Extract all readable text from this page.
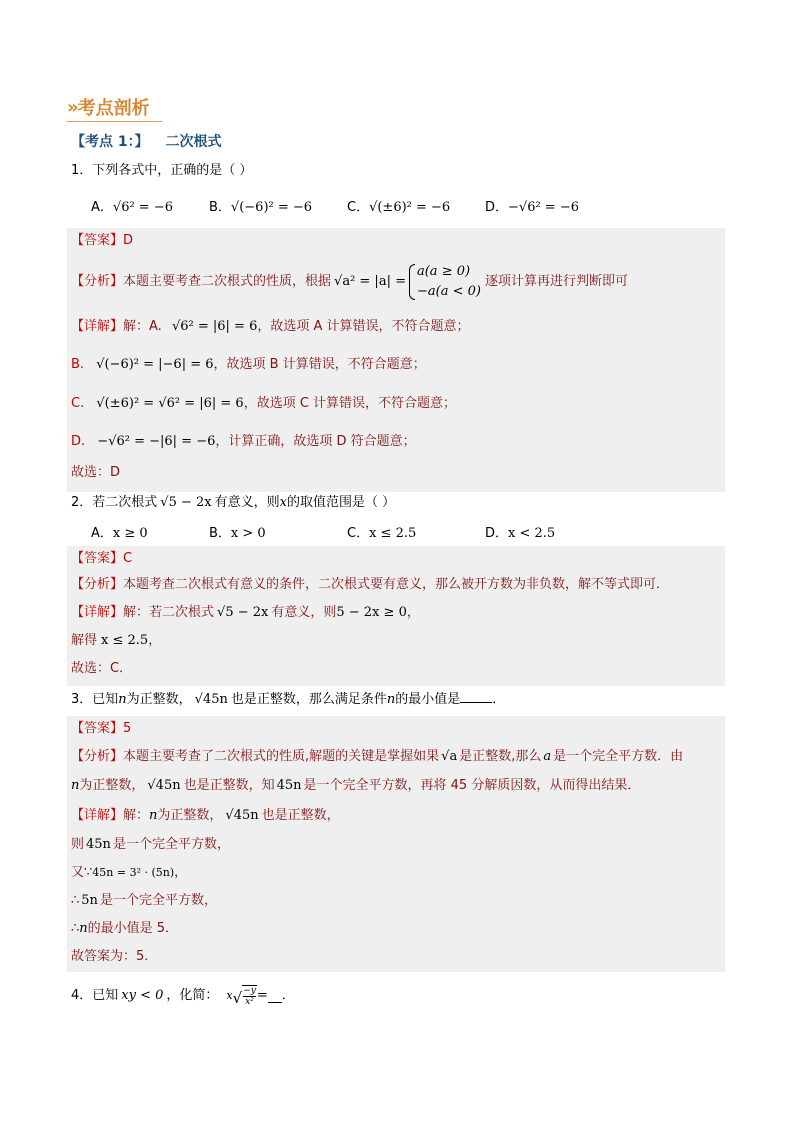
» 考点剖析
【考点 1：】 二次根式
1．下列各式中，正确的是（ ）
A．√6² = −6	B．√(−6)² = −6	C．√(±6)² = −6	D．−√6² = −6
【答案】D
【分析】 本题主要考查二次根式的性质，根据 √a² = |a| =
a(a ≥ 0)
−a(a < 0)
逐项计算再进行判断即可
【详解】解：A. √6² = |6| = 6，故选项 A 计算错误，不符合题意；
B. √(−6)² = |−6| = 6，故选项 B 计算错误，不符合题意；
C. √(±6)² = √6² = |6| = 6，故选项 C 计算错误，不符合题意；
D. −√6² = −|6| = −6，计算正确，故选项 D 符合题意；
故选：D
2．若二次根式 √5 − 2x 有意义，则x的取值范围是（ ）
A．x ≥ 0	B．x > 0	C．x ≤ 2.5	D．x < 2.5
【答案】C
【分析】本题考查二次根式有意义的条件，二次根式要有意义，那么被开方数为非负数，解不等式即可．
【详解】解：若二次根式 √5 − 2x 有意义，则5 − 2x ≥ 0，
解得 x ≤ 2.5，
故选：C．
3．已知n为正整数， √45n 也是正整数，那么满足条件n的最小值是 ．
【答案】5
【分析】本题主要考查了二次根式的性质,解题的关键是掌握如果 √a 是正整数,那么 a 是一个完全平方数．由
n为正整数， √45n 也是正整数，知 45n 是一个完全平方数，再将 45 分解质因数，从而得出结果．
【详解】解：n为正整数， √45n 也是正整数，
则 45n 是一个完全平方数，
又∵45n = 3² · (5n)，
∴ 5n 是一个完全平方数，
∴n的最小值是 5．
故答案为：5．
4．已知 xy < 0 ，化简： x √ −y
x² = ．
